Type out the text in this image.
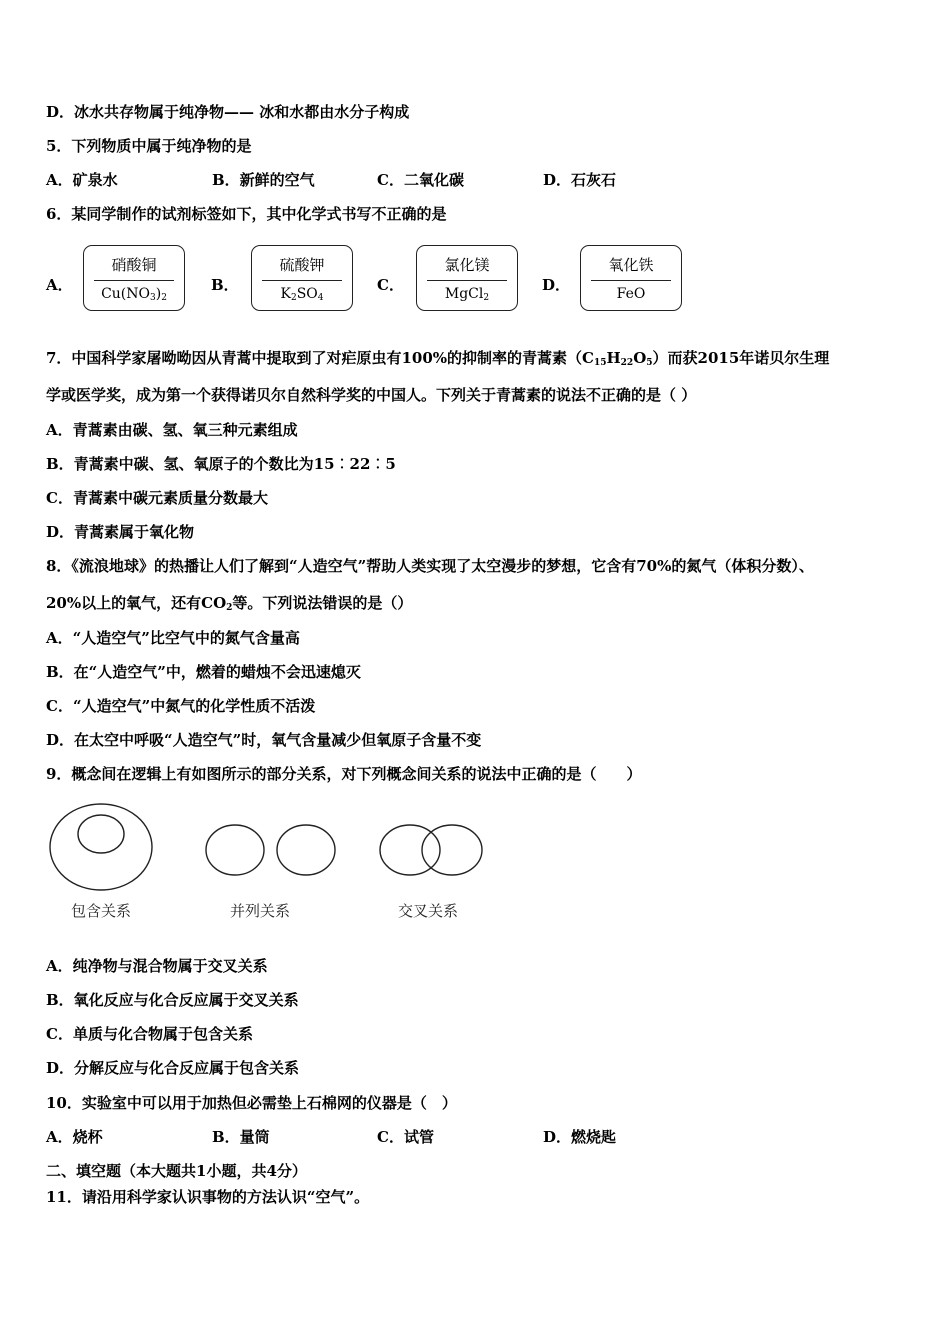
D．冰水共存物属于纯净物—— 冰和水都由水分子构成
5．下列物质中属于纯净物的是
A．矿泉水	B．新鲜的空气	C．二氧化碳	D．石灰石
6．某同学制作的试剂标签如下，其中化学式书写不正确的是
A．
硝酸铜
$Cu(NO_3)_2$
B．
硫酸钾
$K_2SO_4$
C．
氯化镁
MgCl$_2$
D．
氧化铁
FeO
7．中国科学家屠呦呦因从青蒿中提取到了对疟原虫有100%的抑制率的青蒿素$(C_{15}H_{22}O_5)$而获2015年诺贝尔生理
学或医学奖，成为第一个获得诺贝尔自然科学奖的中国人。下列关于青蒿素的说法不正确的是（ ）
A．青蒿素由碳、氢、氧三种元素组成
B．青蒿素中碳、氢、氧原子的个数比为15︰22︰5
C．青蒿素中碳元素质量分数最大
D．青蒿素属于氧化物
8．《流浪地球》的热播让人们了解到“人造空气”帮助人类实现了太空漫步的梦想，它含有70%的氮气（体积分数）、
20%以上的氧气，还有$CO_2$等。下列说法错误的是（）
A．“人造空气”比空气中的氮气含量高
B．在“人造空气”中，燃着的蜡烛不会迅速熄灭
C．“人造空气”中氮气的化学性质不活泼
D．在太空中呼吸“人造空气”时，氧气含量减少但氧原子含量不变
9．概念间在逻辑上有如图所示的部分关系，对下列概念间关系的说法中正确的是（　　）
包含关系	并列关系	交叉关系
A．纯净物与混合物属于交叉关系
B．氧化反应与化合反应属于交叉关系
C．单质与化合物属于包含关系
D．分解反应与化合反应属于包含关系
10．实验室中可以用于加热但必需垫上石棉网的仪器是（　）
A．烧杯	B．量筒	C．试管	D．燃烧匙
二、填空题（本大题共1小题，共4分）
11．请沿用科学家认识事物的方法认识“空气”。
